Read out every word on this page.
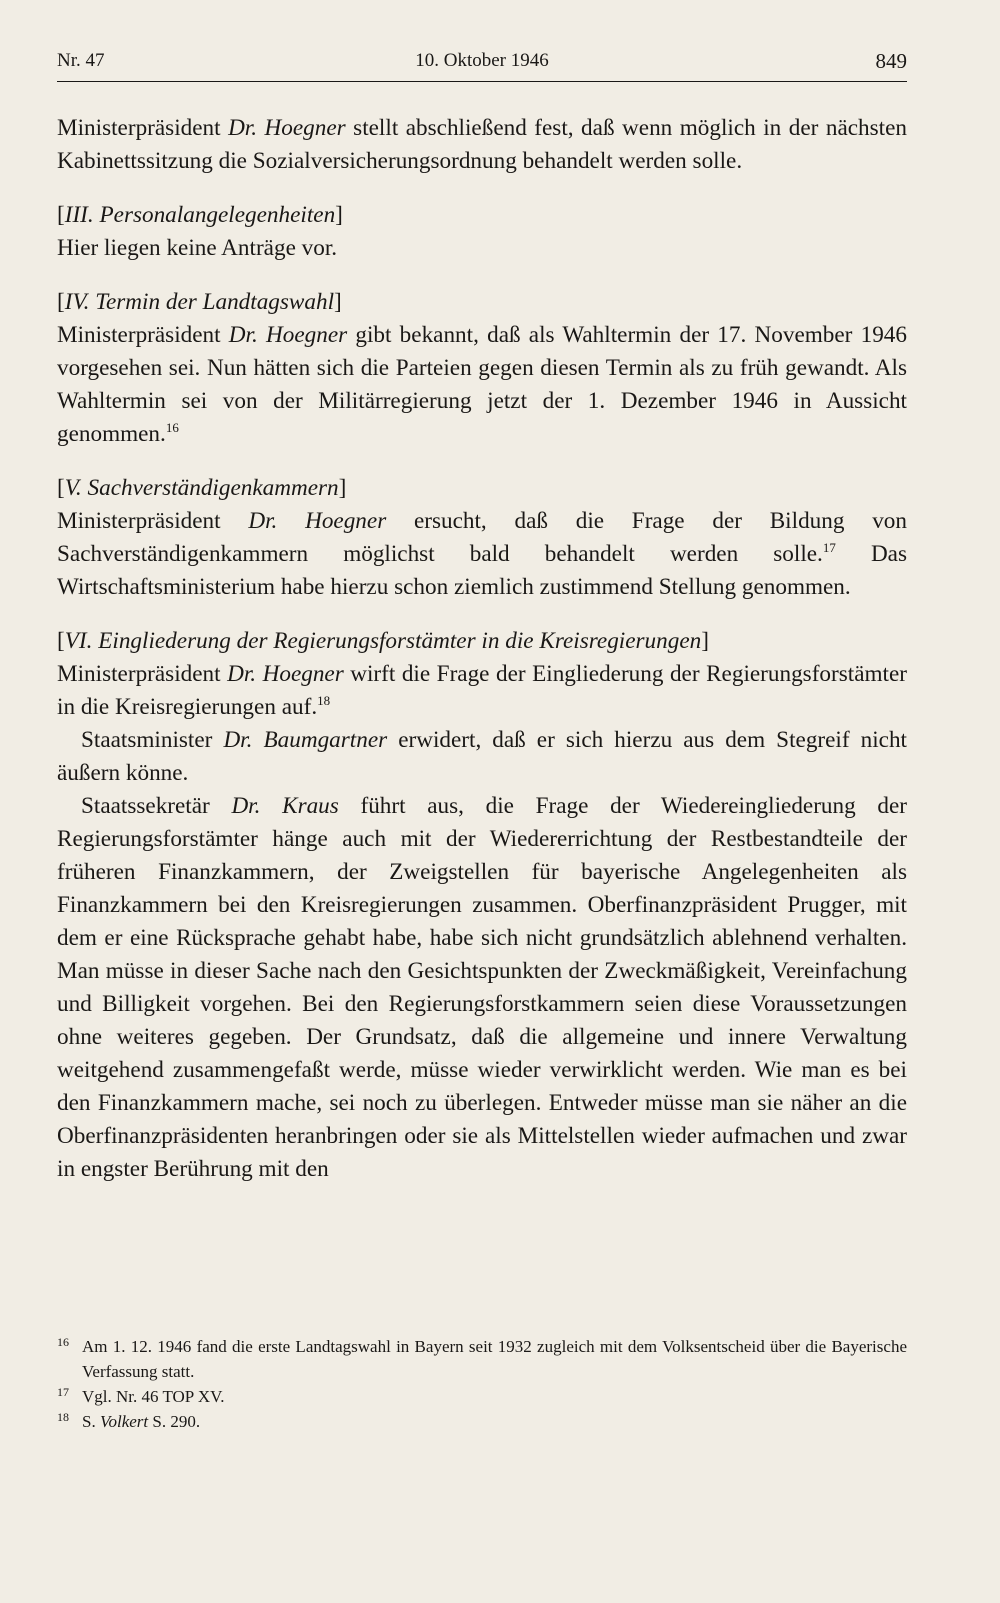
Nr. 47	10. Oktober 1946	849

Ministerpräsident Dr. Hoegner stellt abschließend fest, daß wenn möglich in der nächsten Kabinettssitzung die Sozialversicherungsordnung behandelt werden solle.

[III. Personalangelegenheiten]

Hier liegen keine Anträge vor.

[IV. Termin der Landtagswahl]

Ministerpräsident Dr. Hoegner gibt bekannt, daß als Wahltermin der 17. November 1946 vorgesehen sei. Nun hätten sich die Parteien gegen diesen Termin als zu früh gewandt. Als Wahltermin sei von der Militärregierung jetzt der 1. Dezember 1946 in Aussicht genommen.$^{16}$

[V. Sachverständigenkammern]

Ministerpräsident Dr. Hoegner ersucht, daß die Frage der Bildung von Sachverständigenkammern möglichst bald behandelt werden solle.$^{17}$ Das Wirtschaftsministerium habe hierzu schon ziemlich zustimmend Stellung genommen.

[VI. Eingliederung der Regierungsforstämter in die Kreisregierungen]

Ministerpräsident Dr. Hoegner wirft die Frage der Eingliederung der Regierungsforstämter in die Kreisregierungen auf.$^{18}$

Staatsminister Dr. Baumgartner erwidert, daß er sich hierzu aus dem Stegreif nicht äußern könne.

Staatssekretär Dr. Kraus führt aus, die Frage der Wiedereingliederung der Regierungsforstämter hänge auch mit der Wiedererrichtung der Restbestandteile der früheren Finanzkammern, der Zweigstellen für bayerische Angelegenheiten als Finanzkammern bei den Kreisregierungen zusammen. Oberfinanzpräsident Prugger, mit dem er eine Rücksprache gehabt habe, habe sich nicht grundsätzlich ablehnend verhalten. Man müsse in dieser Sache nach den Gesichtspunkten der Zweckmäßigkeit, Vereinfachung und Billigkeit vorgehen. Bei den Regierungsforstkammern seien diese Voraussetzungen ohne weiteres gegeben. Der Grundsatz, daß die allgemeine und innere Verwaltung weitgehend zusammengefaßt werde, müsse wieder verwirklicht werden. Wie man es bei den Finanzkammern mache, sei noch zu überlegen. Entweder müsse man sie näher an die Oberfinanzpräsidenten heranbringen oder sie als Mittelstellen wieder aufmachen und zwar in engster Berührung mit den

16 Am 1. 12. 1946 fand die erste Landtagswahl in Bayern seit 1932 zugleich mit dem Volksentscheid über die Bayerische Verfassung statt.
17 Vgl. Nr. 46 TOP XV.
18 S. Volkert S. 290.
